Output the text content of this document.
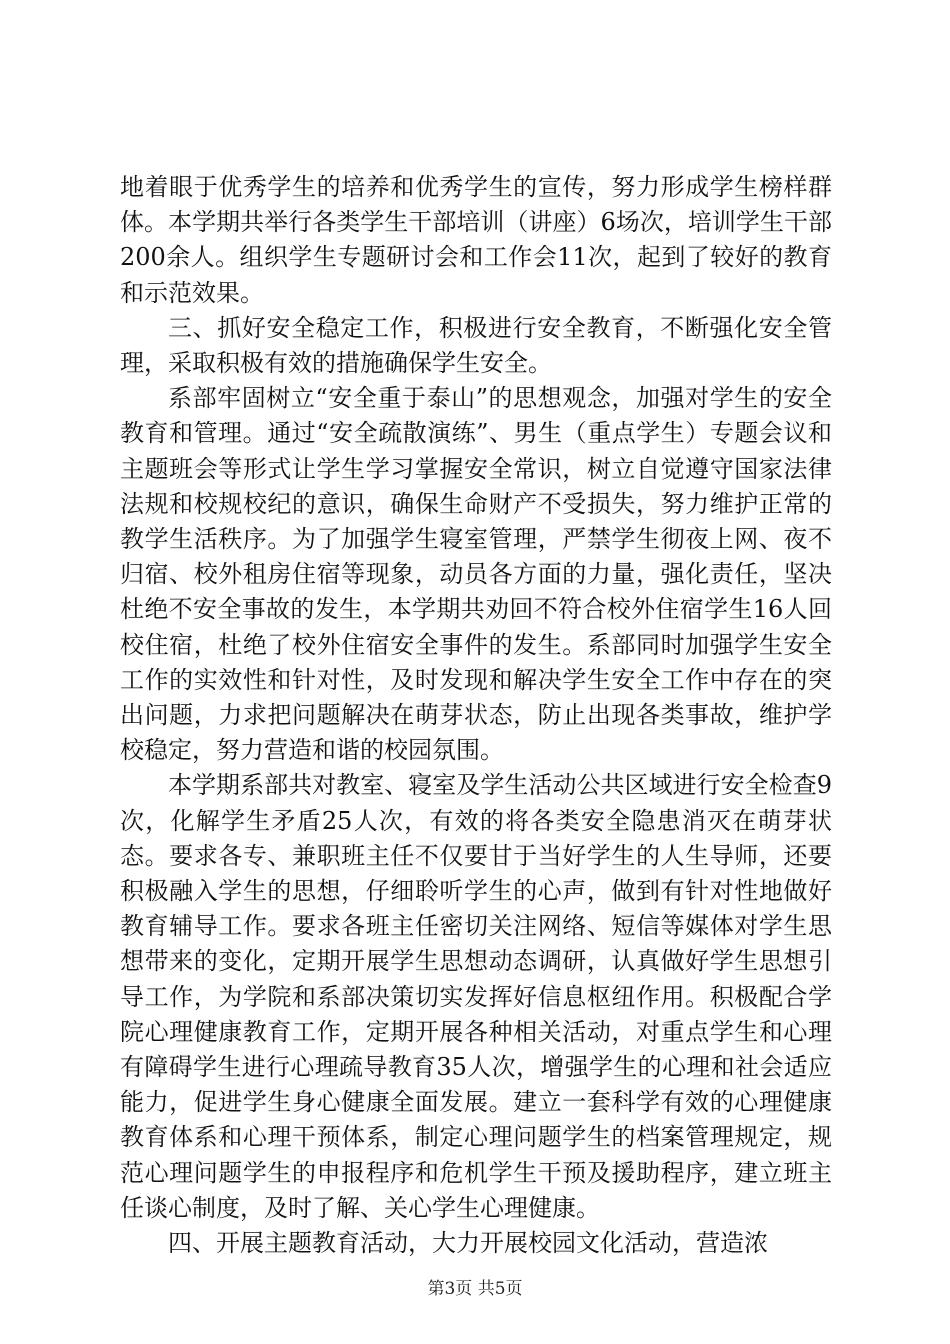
地着眼于优秀学生的培养和优秀学生的宣传，努力形成学生榜样群体。本学期共举行各类学生干部培训（讲座）6场次，培训学生干部200余人。组织学生专题研讨会和工作会11次，起到了较好的教育和示范效果。

三、抓好安全稳定工作，积极进行安全教育，不断强化安全管理，采取积极有效的措施确保学生安全。

系部牢固树立“安全重于泰山”的思想观念，加强对学生的安全教育和管理。通过“安全疏散演练”、男生（重点学生）专题会议和主题班会等形式让学生学习掌握安全常识，树立自觉遵守国家法律法规和校规校纪的意识，确保生命财产不受损失，努力维护正常的教学生活秩序。为了加强学生寝室管理，严禁学生彻夜上网、夜不归宿、校外租房住宿等现象，动员各方面的力量，强化责任，坚决杜绝不安全事故的发生，本学期共劝回不符合校外住宿学生16人回校住宿，杜绝了校外住宿安全事件的发生。系部同时加强学生安全工作的实效性和针对性，及时发现和解决学生安全工作中存在的突出问题，力求把问题解决在萌芽状态，防止出现各类事故，维护学校稳定，努力营造和谐的校园氛围。

本学期系部共对教室、寝室及学生活动公共区域进行安全检查9次，化解学生矛盾25人次，有效的将各类安全隐患消灭在萌芽状态。要求各专、兼职班主任不仅要甘于当好学生的人生导师，还要积极融入学生的思想，仔细聆听学生的心声，做到有针对性地做好教育辅导工作。要求各班主任密切关注网络、短信等媒体对学生思想带来的变化，定期开展学生思想动态调研，认真做好学生思想引导工作，为学院和系部决策切实发挥好信息枢纽作用。积极配合学院心理健康教育工作，定期开展各种相关活动，对重点学生和心理有障碍学生进行心理疏导教育35人次，增强学生的心理和社会适应能力，促进学生身心健康全面发展。建立一套科学有效的心理健康教育体系和心理干预体系，制定心理问题学生的档案管理规定，规范心理问题学生的申报程序和危机学生干预及援助程序，建立班主任谈心制度，及时了解、关心学生心理健康。

四、开展主题教育活动，大力开展校园文化活动，营造浓

第3页 共5页
